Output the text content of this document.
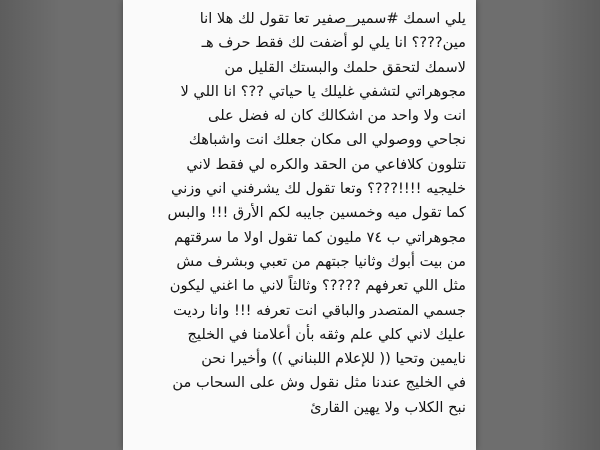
يلي اسمك #سمير_صفير تعا تقول لك هلا انا
مين???؟ انا يلي لو أضفت لك فقط حرف هـ
لاسمك لتحقق حلمك والبستك القليل من
مجوهراتي لتشفي غليلك يا حياتي ??؟ انا اللي لا
انت ولا واحد من اشكالك كان له فضل على
نجاحي ووصولي الى مكان جعلك انت واشباهك
تتلوون كلافاعي من الحقد والكره لي فقط لاني
خليجيه !!!!???؟ وتعا تقول لك يشرفني اني وزني
كما تقول ميه وخمسين جايبه لكم الأرق !!! والبس
مجوهراتي ب ٧٤ مليون كما تقول اولا ما سرقتهم
من بيت أبوك وثانيا جبتهم من تعبي وبشرف مش
مثل اللي تعرفهم ????؟ وثالثاً لاني ما اغني ليكون
جسمي المتصدر والباقي انت تعرفه !!! وانا رديت
عليك لاني كلي علم وثقه بأن أعلامنا في الخليج
نايمين وتحيا (( للإعلام اللبناني )) وأخيرا نحن
في الخليج عندنا مثل نقول وش على السحاب من
نبح الكلاب ولا يهين القارئ
